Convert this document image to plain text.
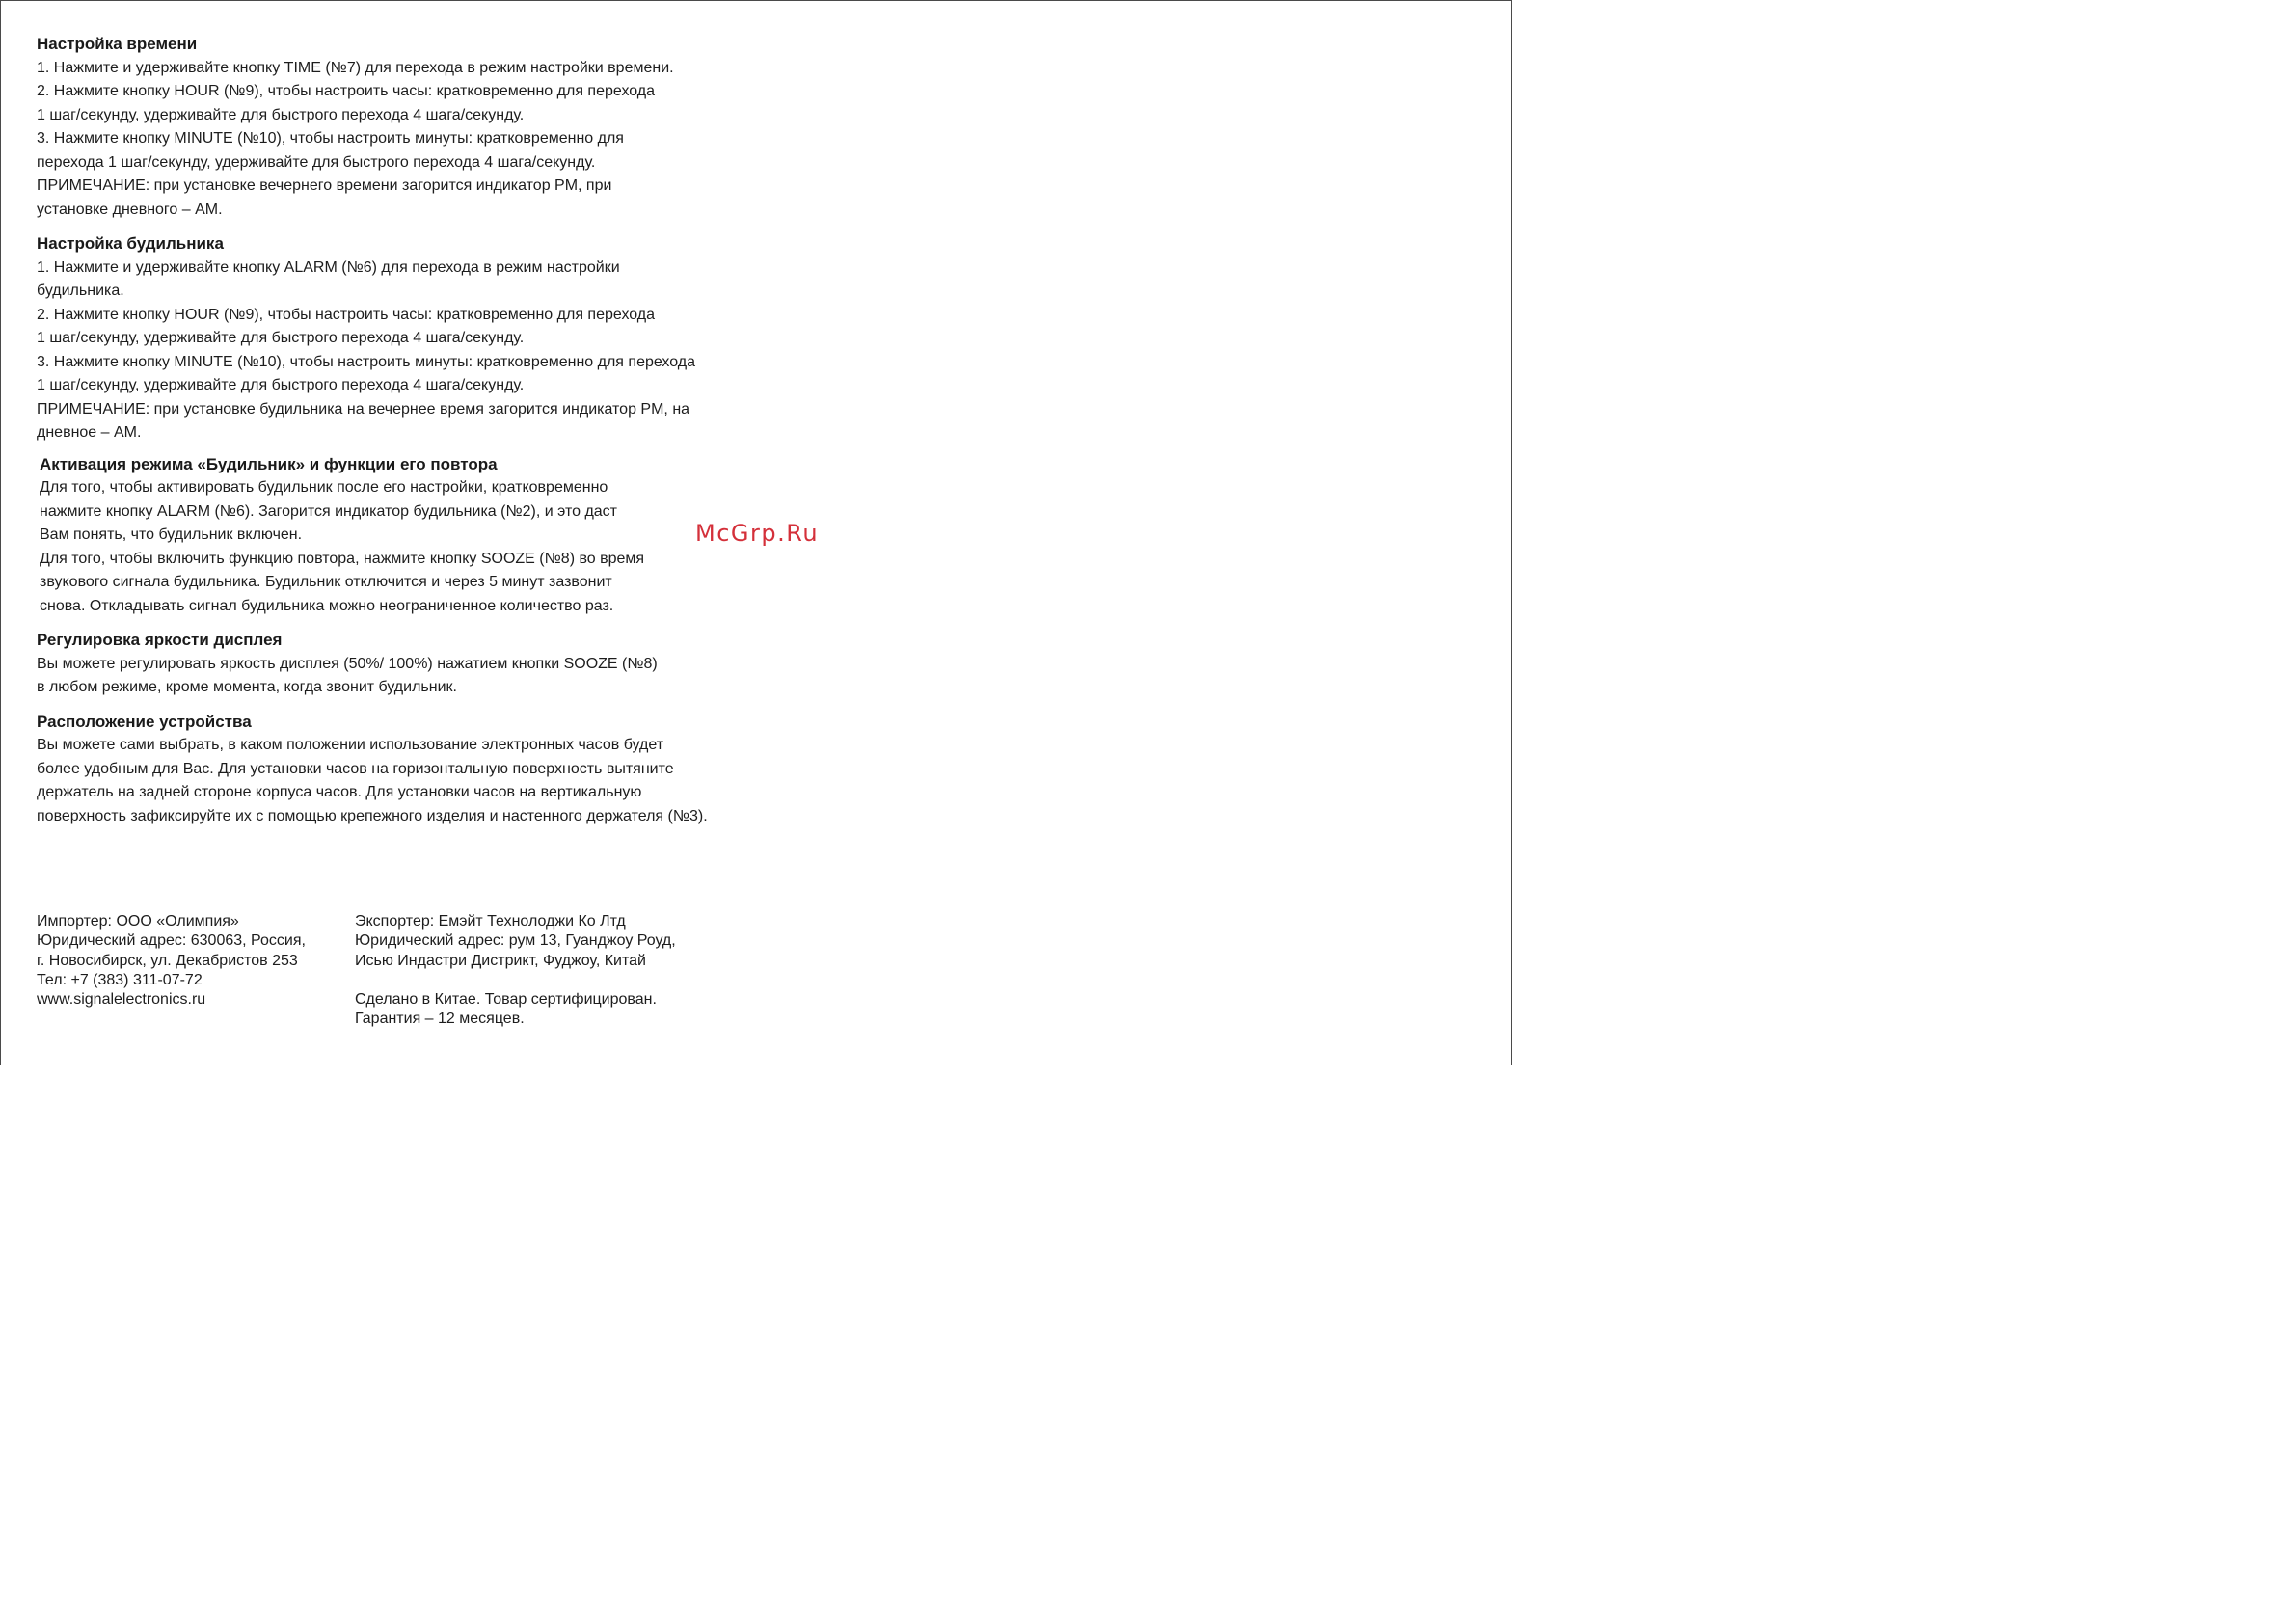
Настройка времени
1. Нажмите и удерживайте кнопку TIME (№7) для перехода в режим настройки времени.
2. Нажмите кнопку HOUR (№9), чтобы настроить часы: кратковременно для перехода
1 шаг/секунду, удерживайте для быстрого перехода 4 шага/секунду.
3. Нажмите кнопку MINUTE (№10), чтобы настроить минуты: кратковременно для
перехода 1 шаг/секунду, удерживайте для быстрого перехода 4 шага/секунду.
ПРИМЕЧАНИЕ: при установке вечернего времени загорится индикатор PM, при
установке дневного – AM.
Настройка будильника
1. Нажмите и удерживайте кнопку ALARM (№6) для перехода в режим настройки
будильника.
2. Нажмите кнопку HOUR (№9), чтобы настроить часы: кратковременно для перехода
1 шаг/секунду, удерживайте для быстрого перехода 4 шага/секунду.
3. Нажмите кнопку MINUTE (№10), чтобы настроить минуты: кратковременно для перехода
1 шаг/секунду, удерживайте для быстрого перехода 4 шага/секунду.
ПРИМЕЧАНИЕ: при установке будильника на вечернее время загорится индикатор PM, на
дневное – AM.
Активация режима «Будильник» и функции его повтора
Для того, чтобы активировать будильник после его настройки, кратковременно
нажмите кнопку ALARM (№6). Загорится индикатор будильника (№2), и это даст
Вам понять, что будильник включен.
Для того, чтобы включить функцию повтора, нажмите кнопку SOOZE (№8) во время
звукового сигнала будильника. Будильник отключится и через 5 минут зазвонит
снова. Откладывать сигнал будильника можно неограниченное количество раз.
Регулировка яркости дисплея
Вы можете регулировать яркость дисплея (50%/ 100%) нажатием кнопки SOOZE (№8)
в любом режиме, кроме момента, когда звонит будильник.
Расположение устройства
Вы можете сами выбрать, в каком положении использование электронных часов будет
более удобным для Вас. Для установки часов на горизонтальную поверхность вытяните
держатель на задней стороне корпуса часов. Для установки часов на вертикальную
поверхность зафиксируйте их с помощью крепежного изделия и настенного держателя (№3).
McGrp.Ru
Импортер: ООО «Олимпия»
Юридический адрес: 630063, Россия,
г. Новосибирск, ул. Декабристов 253
Тел: +7 (383) 311-07-72
www.signalelectronics.ru
Экспортер: Емэйт Технолоджи Ко Лтд
Юридический адрес: рум 13, Гуанджоу Роуд,
Исью Индастри Дистрикт, Фуджоу, Китай
Сделано в Китае. Товар сертифицирован.
Гарантия – 12 месяцев.
